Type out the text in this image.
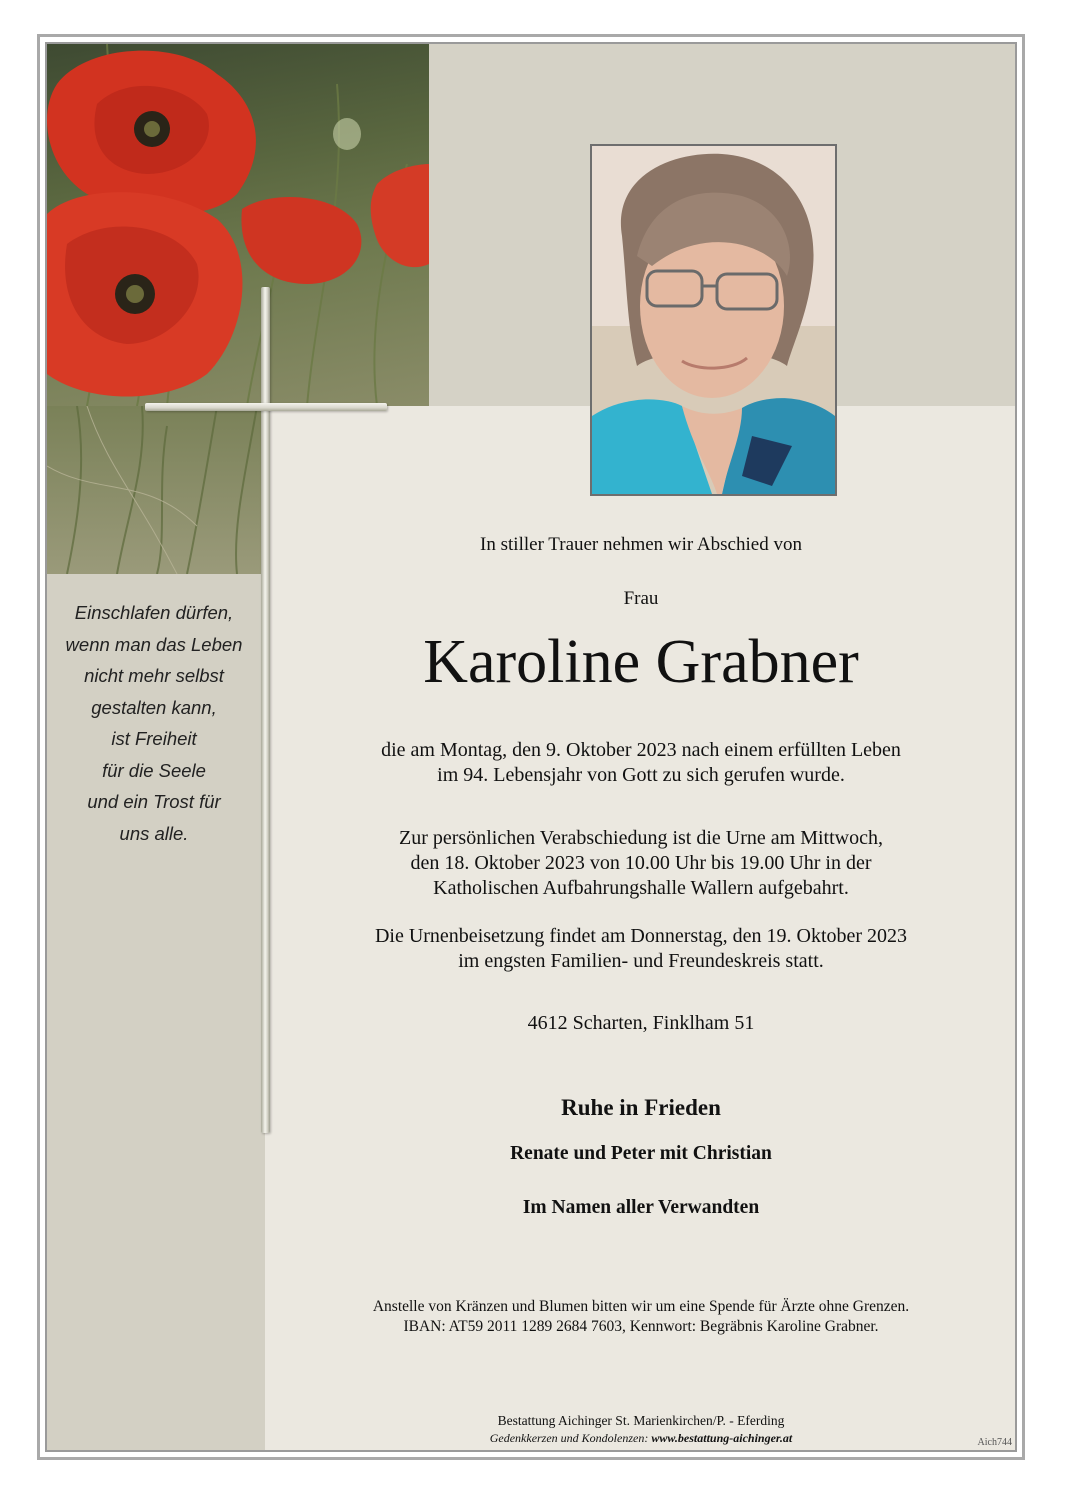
Einschlafen dürfen,
wenn man das Leben
nicht mehr selbst
gestalten kann,
ist Freiheit
für die Seele
und ein Trost für
uns alle.
In stiller Trauer nehmen wir Abschied von
Frau
Karoline Grabner
die am Montag, den 9. Oktober 2023 nach einem erfüllten Leben
im 94. Lebensjahr von Gott zu sich gerufen wurde.
Zur persönlichen Verabschiedung ist die Urne am Mittwoch,
den 18. Oktober 2023 von 10.00 Uhr bis 19.00 Uhr in der
Katholischen Aufbahrungshalle Wallern aufgebahrt.
Die Urnenbeisetzung findet am Donnerstag, den 19. Oktober 2023
im engsten Familien- und Freundeskreis statt.
4612 Scharten, Finklham 51
Ruhe in Frieden
Renate und Peter mit Christian
Im Namen aller Verwandten
Anstelle von Kränzen und Blumen bitten wir um eine Spende für Ärzte ohne Grenzen.
IBAN: AT59 2011 1289 2684 7603, Kennwort: Begräbnis Karoline Grabner.
Bestattung Aichinger St. Marienkirchen/P. - Eferding
Gedenkkerzen und Kondolenzen: www.bestattung-aichinger.at	Aich744
